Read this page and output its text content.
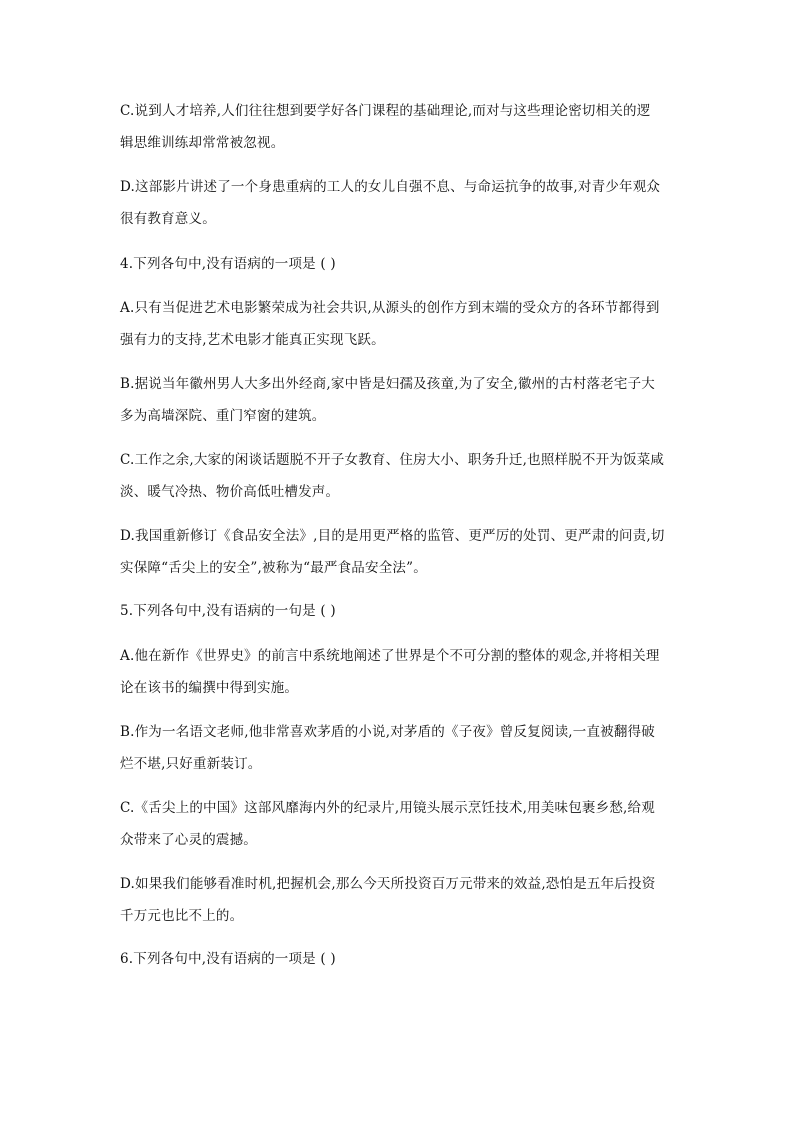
C.说到人才培养,人们往往想到要学好各门课程的基础理论,而对与这些理论密切相关的逻
辑思维训练却常常被忽视。
D.这部影片讲述了一个身患重病的工人的女儿自强不息、与命运抗争的故事,对青少年观众
很有教育意义。
4.下列各句中,没有语病的一项是 ( )
A.只有当促进艺术电影繁荣成为社会共识,从源头的创作方到末端的受众方的各环节都得到
强有力的支持,艺术电影才能真正实现飞跃。
B.据说当年徽州男人大多出外经商,家中皆是妇孺及孩童,为了安全,徽州的古村落老宅子大
多为高墙深院、重门窄窗的建筑。
C.工作之余,大家的闲谈话题脱不开子女教育、住房大小、职务升迁,也照样脱不开为饭菜咸
淡、暖气冷热、物价高低吐槽发声。
D.我国重新修订《食品安全法》,目的是用更严格的监管、更严厉的处罚、更严肃的问责,切
实保障“舌尖上的安全”,被称为“最严食品安全法”。
5.下列各句中,没有语病的一句是 ( )
A.他在新作《世界史》的前言中系统地阐述了世界是个不可分割的整体的观念,并将相关理
论在该书的编撰中得到实施。
B.作为一名语文老师,他非常喜欢茅盾的小说,对茅盾的《子夜》曾反复阅读,一直被翻得破
烂不堪,只好重新装订。
C.《舌尖上的中国》这部风靡海内外的纪录片,用镜头展示烹饪技术,用美味包裹乡愁,给观
众带来了心灵的震撼。
D.如果我们能够看准时机,把握机会,那么今天所投资百万元带来的效益,恐怕是五年后投资
千万元也比不上的。
6.下列各句中,没有语病的一项是 ( )
